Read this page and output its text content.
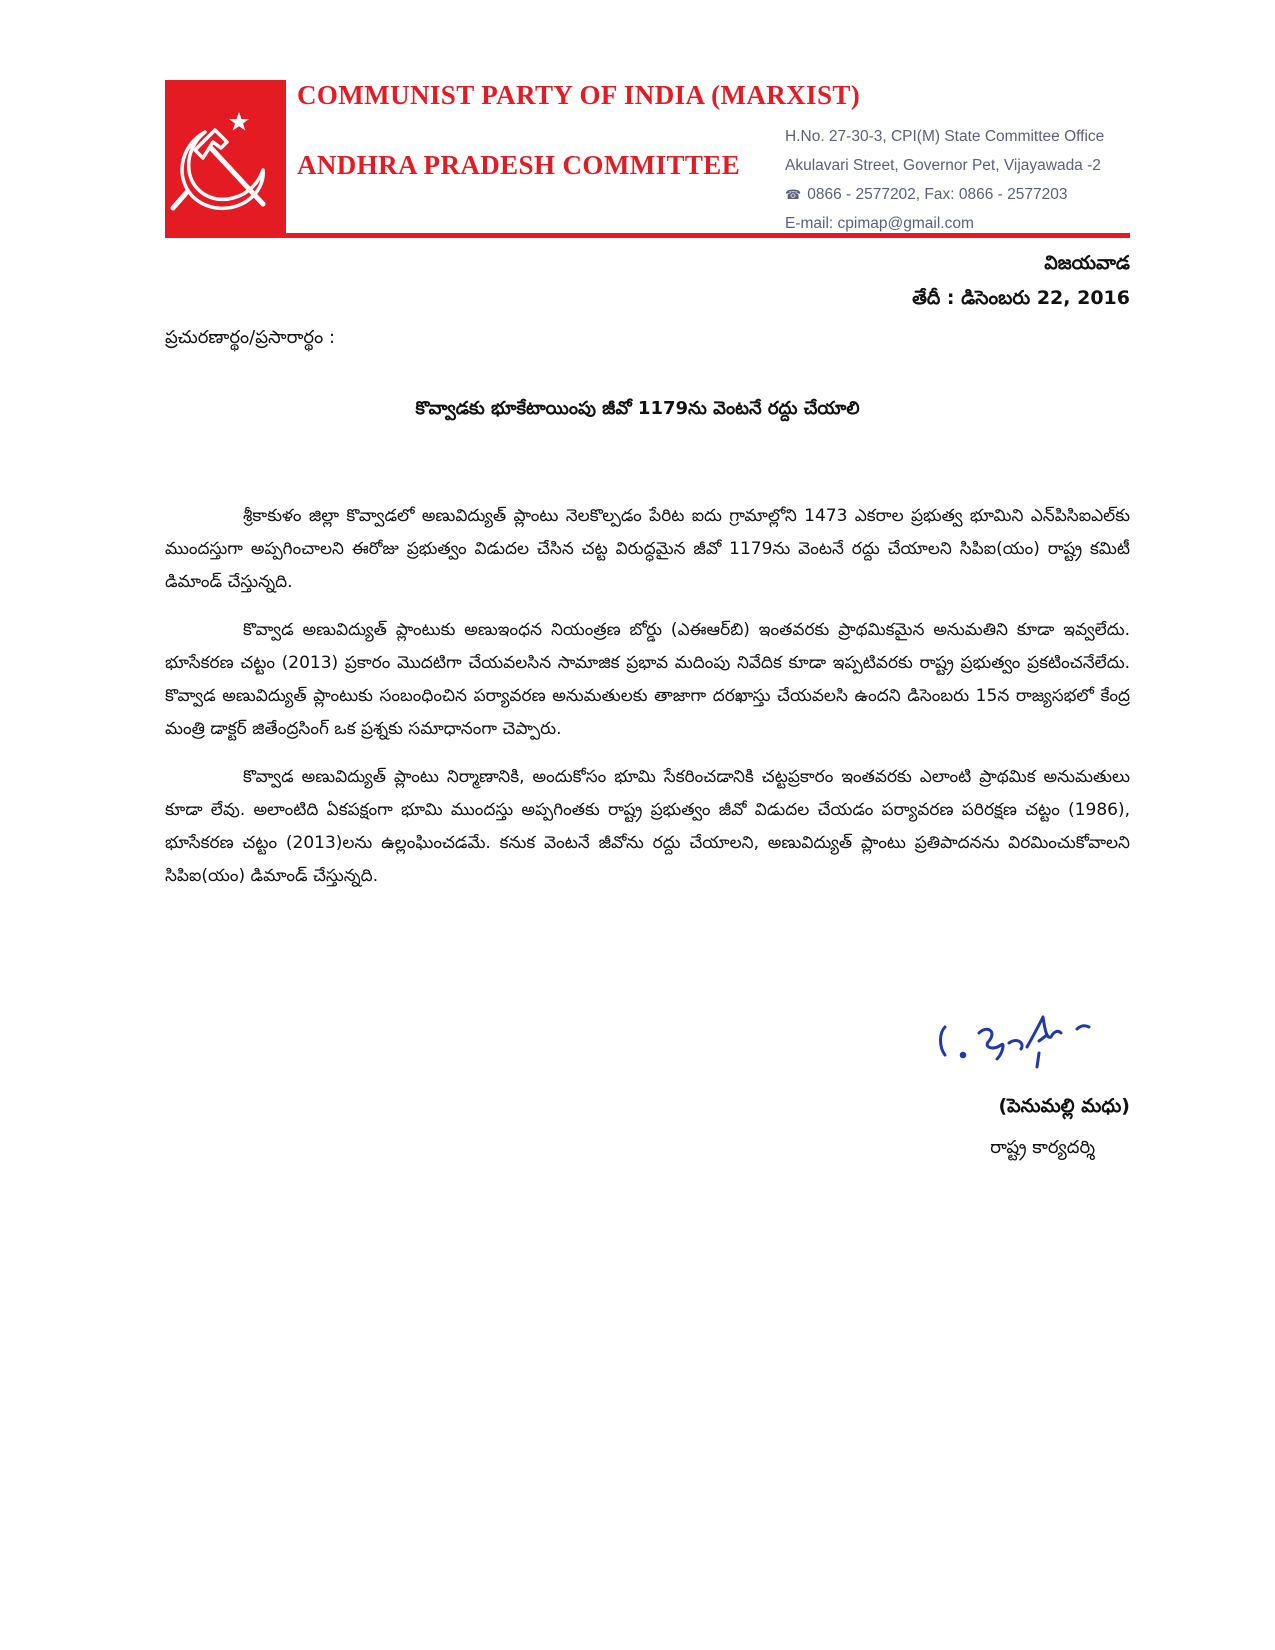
COMMUNIST PARTY OF INDIA (MARXIST)
ANDHRA PRADESH COMMITTEE
H.No. 27-30-3, CPI(M) State Committee Office
Akulavari Street, Governor Pet, Vijayawada -2
☎ 0866 - 2577202, Fax: 0866 - 2577203
E-mail: cpimap@gmail.com
విజయవాడ
తేదీ : డిసెంబరు 22, 2016
ప్రచురణార్థం/ప్రసారార్థం :
కొవ్వాడకు భూకేటాయింపు జీవో 1179ను వెంటనే రద్దు చేయాలి

శ్రీకాకుళం జిల్లా కొవ్వాడలో అణువిద్యుత్ ప్లాంటు నెలకొల్పడం పేరిట ఐదు గ్రామాల్లోని 1473 ఎకరాల ప్రభుత్వ భూమిని ఎన్‌పిసిఐఎల్‌కు ముందస్తుగా అప్పగించాలని ఈరోజు ప్రభుత్వం విడుదల చేసిన చట్ట విరుద్ధమైన జీవో 1179ను వెంటనే రద్దు చేయాలని సిపిఐ(యం) రాష్ట్ర కమిటీ డిమాండ్ చేస్తున్నది.

కొవ్వాడ అణువిద్యుత్ ప్లాంటుకు అణుఇంధన నియంత్రణ బోర్డు (ఎఈఆర్‌బి) ఇంతవరకు ప్రాథమికమైన అనుమతిని కూడా ఇవ్వలేదు. భూసేకరణ చట్టం (2013) ప్రకారం మొదటిగా చేయవలసిన సామాజిక ప్రభావ మదింపు నివేదిక కూడా ఇప్పటివరకు రాష్ట్ర ప్రభుత్వం ప్రకటించనేలేదు. కొవ్వాడ అణువిద్యుత్ ప్లాంటుకు సంబంధించిన పర్యావరణ అనుమతులకు తాజాగా దరఖాస్తు చేయవలసి ఉందని డిసెంబరు 15న రాజ్యసభలో కేంద్ర మంత్రి డాక్టర్ జితేంద్రసింగ్ ఒక ప్రశ్నకు సమాధానంగా చెప్పారు.

కొవ్వాడ అణువిద్యుత్ ప్లాంటు నిర్మాణానికి, అందుకోసం భూమి సేకరించడానికి చట్టప్రకారం ఇంతవరకు ఎలాంటి ప్రాథమిక అనుమతులు కూడా లేవు. అలాంటిది ఏకపక్షంగా భూమి ముందస్తు అప్పగింతకు రాష్ట్ర ప్రభుత్వం జీవో విడుదల చేయడం పర్యావరణ పరిరక్షణ చట్టం (1986), భూసేకరణ చట్టం (2013)లను ఉల్లంఘించడమే. కనుక వెంటనే జీవోను రద్దు చేయాలని, అణువిద్యుత్ ప్లాంటు ప్రతిపాదనను విరమించుకోవాలని సిపిఐ(యం) డిమాండ్ చేస్తున్నది.

(పెనుమల్లి మధు)
రాష్ట్ర కార్యదర్శి
